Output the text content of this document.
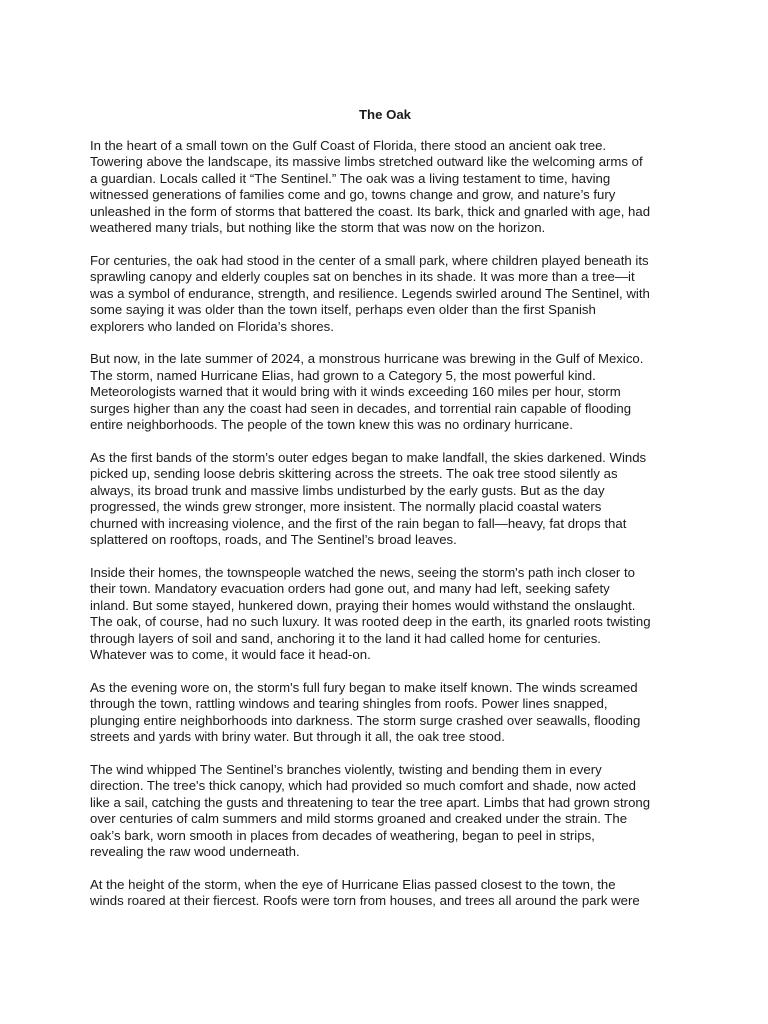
The Oak

In the heart of a small town on the Gulf Coast of Florida, there stood an ancient oak tree.
Towering above the landscape, its massive limbs stretched outward like the welcoming arms of
a guardian. Locals called it “The Sentinel.” The oak was a living testament to time, having
witnessed generations of families come and go, towns change and grow, and nature’s fury
unleashed in the form of storms that battered the coast. Its bark, thick and gnarled with age, had
weathered many trials, but nothing like the storm that was now on the horizon.

For centuries, the oak had stood in the center of a small park, where children played beneath its
sprawling canopy and elderly couples sat on benches in its shade. It was more than a tree—it
was a symbol of endurance, strength, and resilience. Legends swirled around The Sentinel, with
some saying it was older than the town itself, perhaps even older than the first Spanish
explorers who landed on Florida’s shores.

But now, in the late summer of 2024, a monstrous hurricane was brewing in the Gulf of Mexico.
The storm, named Hurricane Elias, had grown to a Category 5, the most powerful kind.
Meteorologists warned that it would bring with it winds exceeding 160 miles per hour, storm
surges higher than any the coast had seen in decades, and torrential rain capable of flooding
entire neighborhoods. The people of the town knew this was no ordinary hurricane.

As the first bands of the storm’s outer edges began to make landfall, the skies darkened. Winds
picked up, sending loose debris skittering across the streets. The oak tree stood silently as
always, its broad trunk and massive limbs undisturbed by the early gusts. But as the day
progressed, the winds grew stronger, more insistent. The normally placid coastal waters
churned with increasing violence, and the first of the rain began to fall—heavy, fat drops that
splattered on rooftops, roads, and The Sentinel’s broad leaves.

Inside their homes, the townspeople watched the news, seeing the storm's path inch closer to
their town. Mandatory evacuation orders had gone out, and many had left, seeking safety
inland. But some stayed, hunkered down, praying their homes would withstand the onslaught.
The oak, of course, had no such luxury. It was rooted deep in the earth, its gnarled roots twisting
through layers of soil and sand, anchoring it to the land it had called home for centuries.
Whatever was to come, it would face it head-on.

As the evening wore on, the storm's full fury began to make itself known. The winds screamed
through the town, rattling windows and tearing shingles from roofs. Power lines snapped,
plunging entire neighborhoods into darkness. The storm surge crashed over seawalls, flooding
streets and yards with briny water. But through it all, the oak tree stood.

The wind whipped The Sentinel’s branches violently, twisting and bending them in every
direction. The tree's thick canopy, which had provided so much comfort and shade, now acted
like a sail, catching the gusts and threatening to tear the tree apart. Limbs that had grown strong
over centuries of calm summers and mild storms groaned and creaked under the strain. The
oak’s bark, worn smooth in places from decades of weathering, began to peel in strips,
revealing the raw wood underneath.

At the height of the storm, when the eye of Hurricane Elias passed closest to the town, the
winds roared at their fiercest. Roofs were torn from houses, and trees all around the park were
